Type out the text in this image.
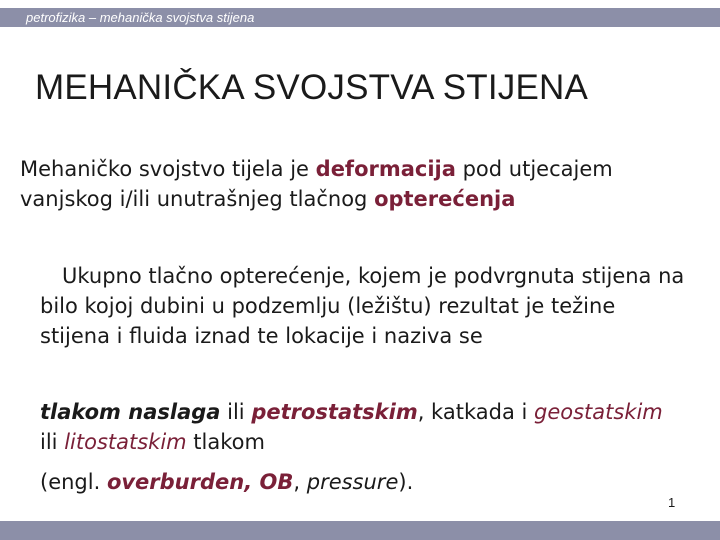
petrofizika – mehanička svojstva stijena
MEHANIČKA SVOJSTVA STIJENA
Mehaničko svojstvo tijela je deformacija pod utjecajem vanjskog i/ili unutrašnjeg tlačnog opterećenja
Ukupno tlačno opterećenje, kojem je podvrgnuta stijena na bilo kojoj dubini u podzemlju (ležištu) rezultat je težine stijena i fluida iznad te lokacije i naziva se
tlakom naslaga ili petrostatskim, katkada i geostatskim ili litostatskim tlakom
(engl. overburden, OB, pressure).
1
